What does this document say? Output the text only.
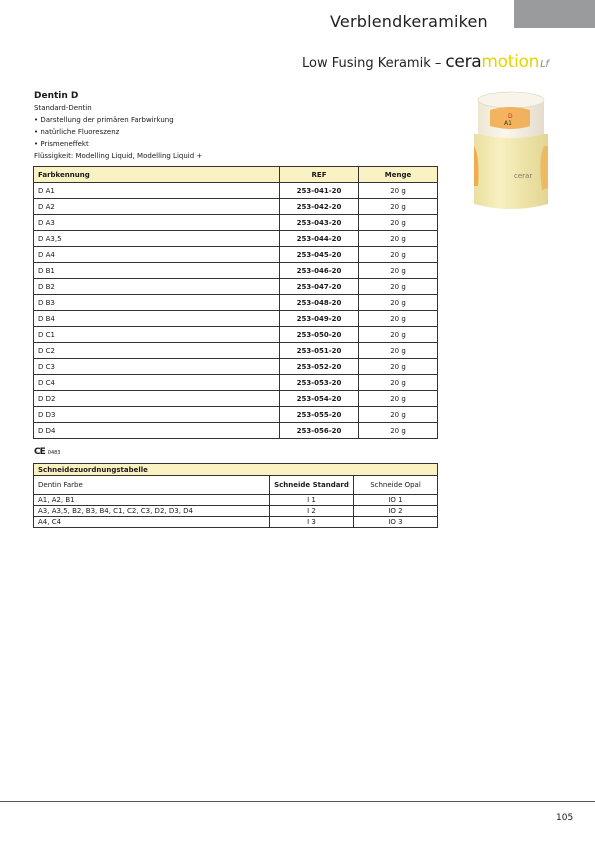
Verblendkeramiken
Low Fusing Keramik – ceramotionLf
Dentin D
Standard-Dentin
• Darstellung der primären Farbwirkung
• natürliche Fluoreszenz
• Prismeneffekt
Flüssigkeit: Modelling Liquid, Modelling Liquid +
D
A1
cerar
Farbkennung	REF	Menge
D A1	253-041-20	20 g
D A2	253-042-20	20 g
D A3	253-043-20	20 g
D A3,5	253-044-20	20 g
D A4	253-045-20	20 g
D B1	253-046-20	20 g
D B2	253-047-20	20 g
D B3	253-048-20	20 g
D B4	253-049-20	20 g
D C1	253-050-20	20 g
D C2	253-051-20	20 g
D C3	253-052-20	20 g
D C4	253-053-20	20 g
D D2	253-054-20	20 g
D D3	253-055-20	20 g
D D4	253-056-20	20 g
CE 0483
Schneidezuordnungstabelle		
Dentin Farbe	Schneide Standard	Schneide Opal
A1, A2, B1	I 1	IO 1
A3, A3,5, B2, B3, B4, C1, C2, C3, D2, D3, D4	I 2	IO 2
A4, C4	I 3	IO 3
105
